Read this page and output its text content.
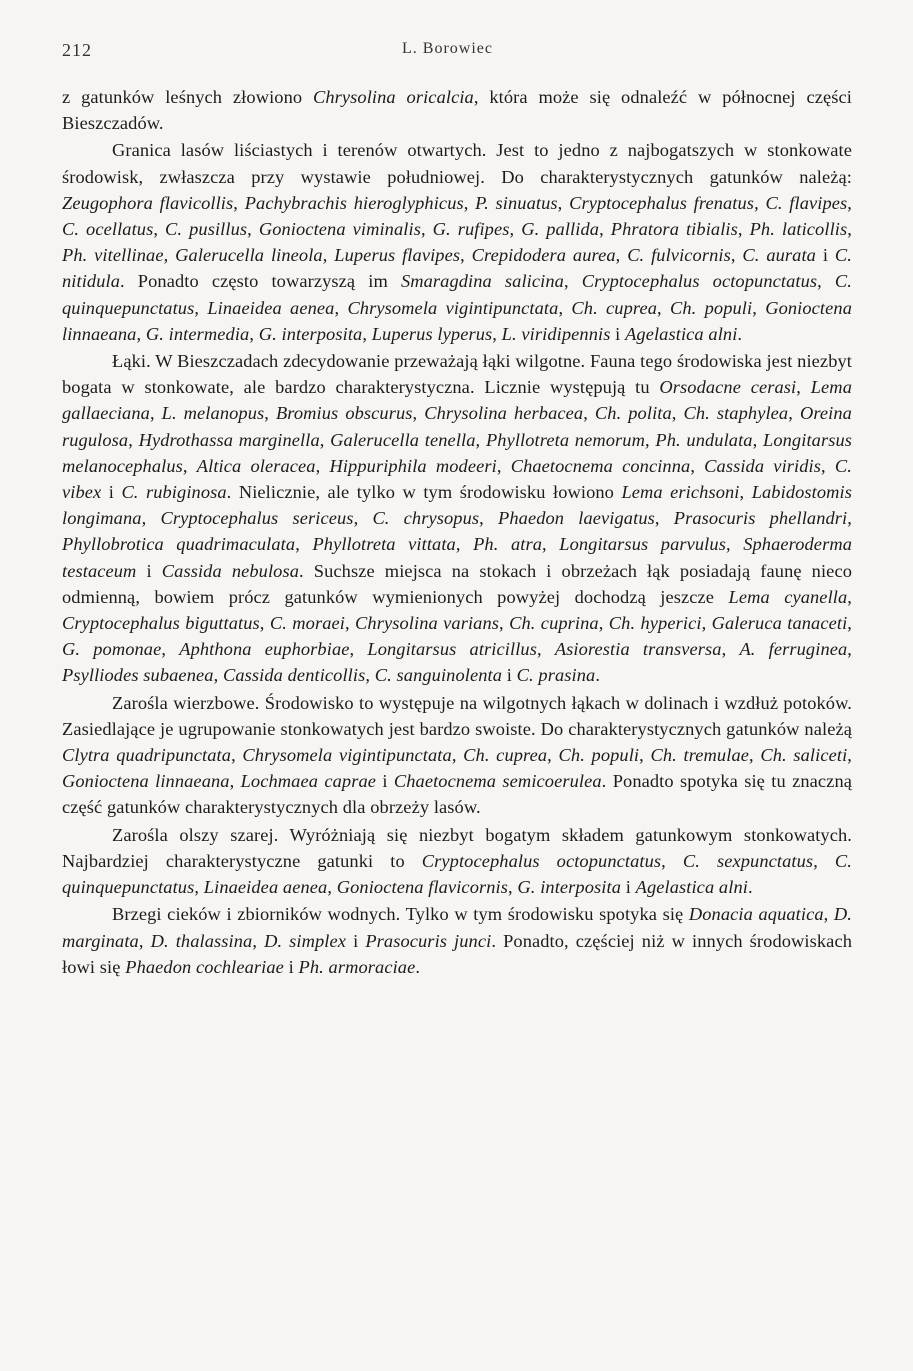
212	L. Borowiec

z gatunków leśnych złowiono Chrysolina oricalcia, która może się odnaleźć w północnej części Bieszczadów.

Granica lasów liściastych i terenów otwartych. Jest to jedno z najbogatszych w stonkowate środowisk, zwłaszcza przy wystawie południowej. Do charakterystycznych gatunków należą: Zeugophora flavicollis, Pachybrachis hieroglyphicus, P. sinuatus, Cryptocephalus frenatus, C. flavipes, C. ocellatus, C. pusillus, Gonioctena viminalis, G. rufipes, G. pallida, Phratora tibialis, Ph. laticollis, Ph. vitellinae, Galerucella lineola, Luperus flavipes, Crepidodera aurea, C. fulvicornis, C. aurata i C. nitidula. Ponadto często towarzyszą im Smaragdina salicina, Cryptocephalus octopunctatus, C. quinquepunctatus, Linaeidea aenea, Chrysomela vigintipunctata, Ch. cuprea, Ch. populi, Gonioctena linnaeana, G. intermedia, G. interposita, Luperus lyperus, L. viridipennis i Agelastica alni.

Łąki. W Bieszczadach zdecydowanie przeważają łąki wilgotne. Fauna tego środowiska jest niezbyt bogata w stonkowate, ale bardzo charakterystyczna. Licznie występują tu Orsodacne cerasi, Lema gallaeciana, L. melanopus, Bromius obscurus, Chrysolina herbacea, Ch. polita, Ch. staphylea, Oreina rugulosa, Hydrothassa marginella, Galerucella tenella, Phyllotreta nemorum, Ph. undulata, Longitarsus melanocephalus, Altica oleracea, Hippuriphila modeeri, Chaetocnema concinna, Cassida viridis, C. vibex i C. rubiginosa. Nielicznie, ale tylko w tym środowisku łowiono Lema erichsoni, Labidostomis longimana, Cryptocephalus sericeus, C. chrysopus, Phaedon laevigatus, Prasocuris phellandri, Phyllobrotica quadrimaculata, Phyllotreta vittata, Ph. atra, Longitarsus parvulus, Sphaeroderma testaceum i Cassida nebulosa. Suchsze miejsca na stokach i obrzeżach łąk posiadają faunę nieco odmienną, bowiem prócz gatunków wymienionych powyżej dochodzą jeszcze Lema cyanella, Cryptocephalus biguttatus, C. moraei, Chrysolina varians, Ch. cuprina, Ch. hyperici, Galeruca tanaceti, G. pomonae, Aphthona euphorbiae, Longitarsus atricillus, Asiorestia transversa, A. ferruginea, Psylliodes subaenea, Cassida denticollis, C. sanguinolenta i C. prasina.

Zarośla wierzbowe. Środowisko to występuje na wilgotnych łąkach w dolinach i wzdłuż potoków. Zasiedlające je ugrupowanie stonkowatych jest bardzo swoiste. Do charakterystycznych gatunków należą Clytra quadripunctata, Chrysomela vigintipunctata, Ch. cuprea, Ch. populi, Ch. tremulae, Ch. saliceti, Gonioctena linnaeana, Lochmaea caprae i Chaetocnema semicoerulea. Ponadto spotyka się tu znaczną część gatunków charakterystycznych dla obrzeży lasów.

Zarośla olszy szarej. Wyróżniają się niezbyt bogatym składem gatunkowym stonkowatych. Najbardziej charakterystyczne gatunki to Cryptocephalus octopunctatus, C. sexpunctatus, C. quinquepunctatus, Linaeidea aenea, Gonioctena flavicornis, G. interposita i Agelastica alni.

Brzegi cieków i zbiorników wodnych. Tylko w tym środowisku spotyka się Donacia aquatica, D. marginata, D. thalassina, D. simplex i Prasocuris junci. Ponadto, częściej niż w innych środowiskach łowi się Phaedon cochleariae i Ph. armoraciae.
